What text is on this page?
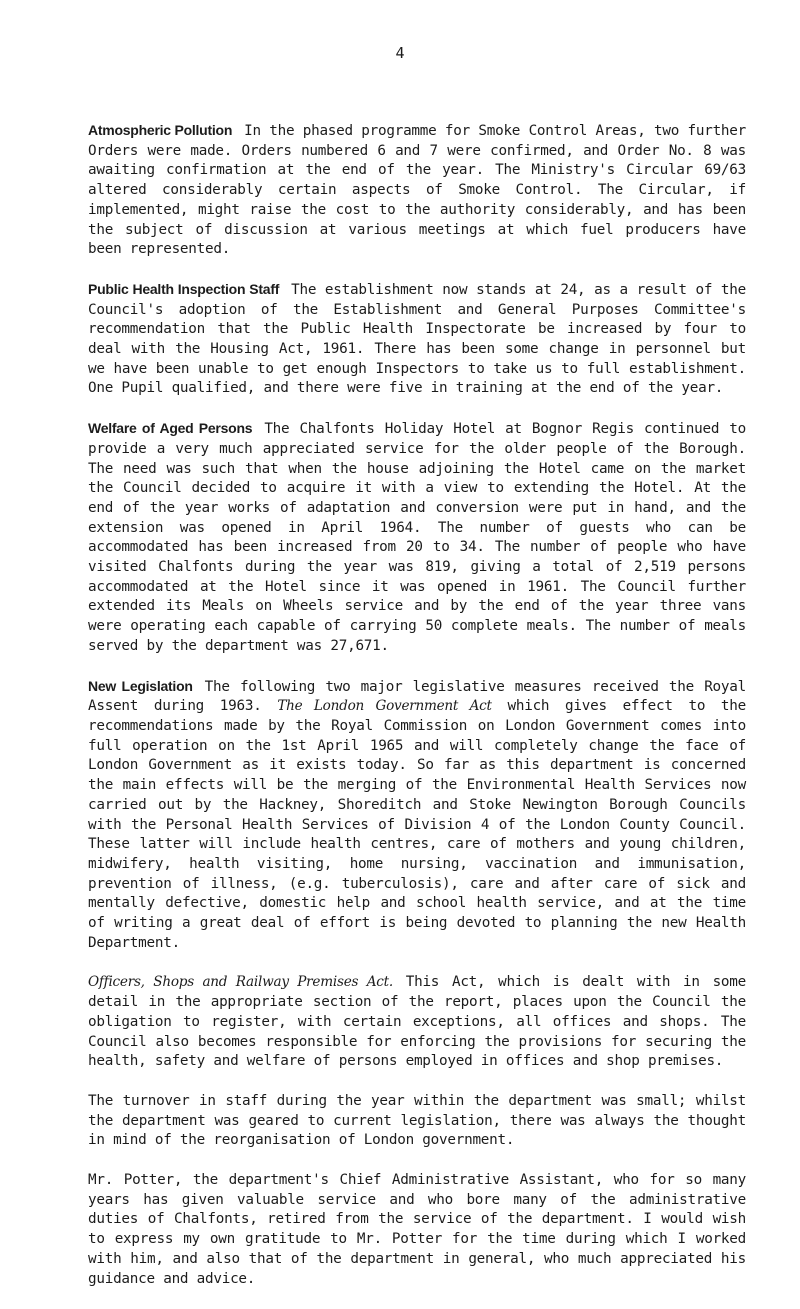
4

Atmospheric Pollution In the phased programme for Smoke Control Areas, two further Orders were made. Orders numbered 6 and 7 were confirmed, and Order No. 8 was awaiting confirmation at the end of the year. The Ministry's Circular 69/63 altered considerably certain aspects of Smoke Control. The Circular, if implemented, might raise the cost to the authority considerably, and has been the subject of discussion at various meetings at which fuel producers have been represented.

Public Health Inspection Staff The establishment now stands at 24, as a result of the Council's adoption of the Establishment and General Purposes Committee's recommendation that the Public Health Inspectorate be increased by four to deal with the Housing Act, 1961. There has been some change in personnel but we have been unable to get enough Inspectors to take us to full establishment. One Pupil qualified, and there were five in training at the end of the year.

Welfare of Aged Persons The Chalfonts Holiday Hotel at Bognor Regis continued to provide a very much appreciated service for the older people of the Borough. The need was such that when the house adjoining the Hotel came on the market the Council decided to acquire it with a view to extending the Hotel. At the end of the year works of adaptation and conversion were put in hand, and the extension was opened in April 1964. The number of guests who can be accommodated has been increased from 20 to 34. The number of people who have visited Chalfonts during the year was 819, giving a total of 2,519 persons accommodated at the Hotel since it was opened in 1961. The Council further extended its Meals on Wheels service and by the end of the year three vans were operating each capable of carrying 50 complete meals. The number of meals served by the department was 27,671.

New Legislation The following two major legislative measures received the Royal Assent during 1963. The London Government Act which gives effect to the recommendations made by the Royal Commission on London Government comes into full operation on the 1st April 1965 and will completely change the face of London Government as it exists today. So far as this department is concerned the main effects will be the merging of the Environmental Health Services now carried out by the Hackney, Shoreditch and Stoke Newington Borough Councils with the Personal Health Services of Division 4 of the London County Council. These latter will include health centres, care of mothers and young children, midwifery, health visiting, home nursing, vaccination and immunisation, prevention of illness, (e.g. tuberculosis), care and after care of sick and mentally defective, domestic help and school health service, and at the time of writing a great deal of effort is being devoted to planning the new Health Department.

Officers, Shops and Railway Premises Act. This Act, which is dealt with in some detail in the appropriate section of the report, places upon the Council the obligation to register, with certain exceptions, all offices and shops. The Council also becomes responsible for enforcing the provisions for securing the health, safety and welfare of persons employed in offices and shop premises.

The turnover in staff during the year within the department was small; whilst the department was geared to current legislation, there was always the thought in mind of the reorganisation of London government.

Mr. Potter, the department's Chief Administrative Assistant, who for so many years has given valuable service and who bore many of the administrative duties of Chalfonts, retired from the service of the department. I would wish to express my own gratitude to Mr. Potter for the time during which I worked with him, and also that of the department in general, who much appreciated his guidance and advice.
